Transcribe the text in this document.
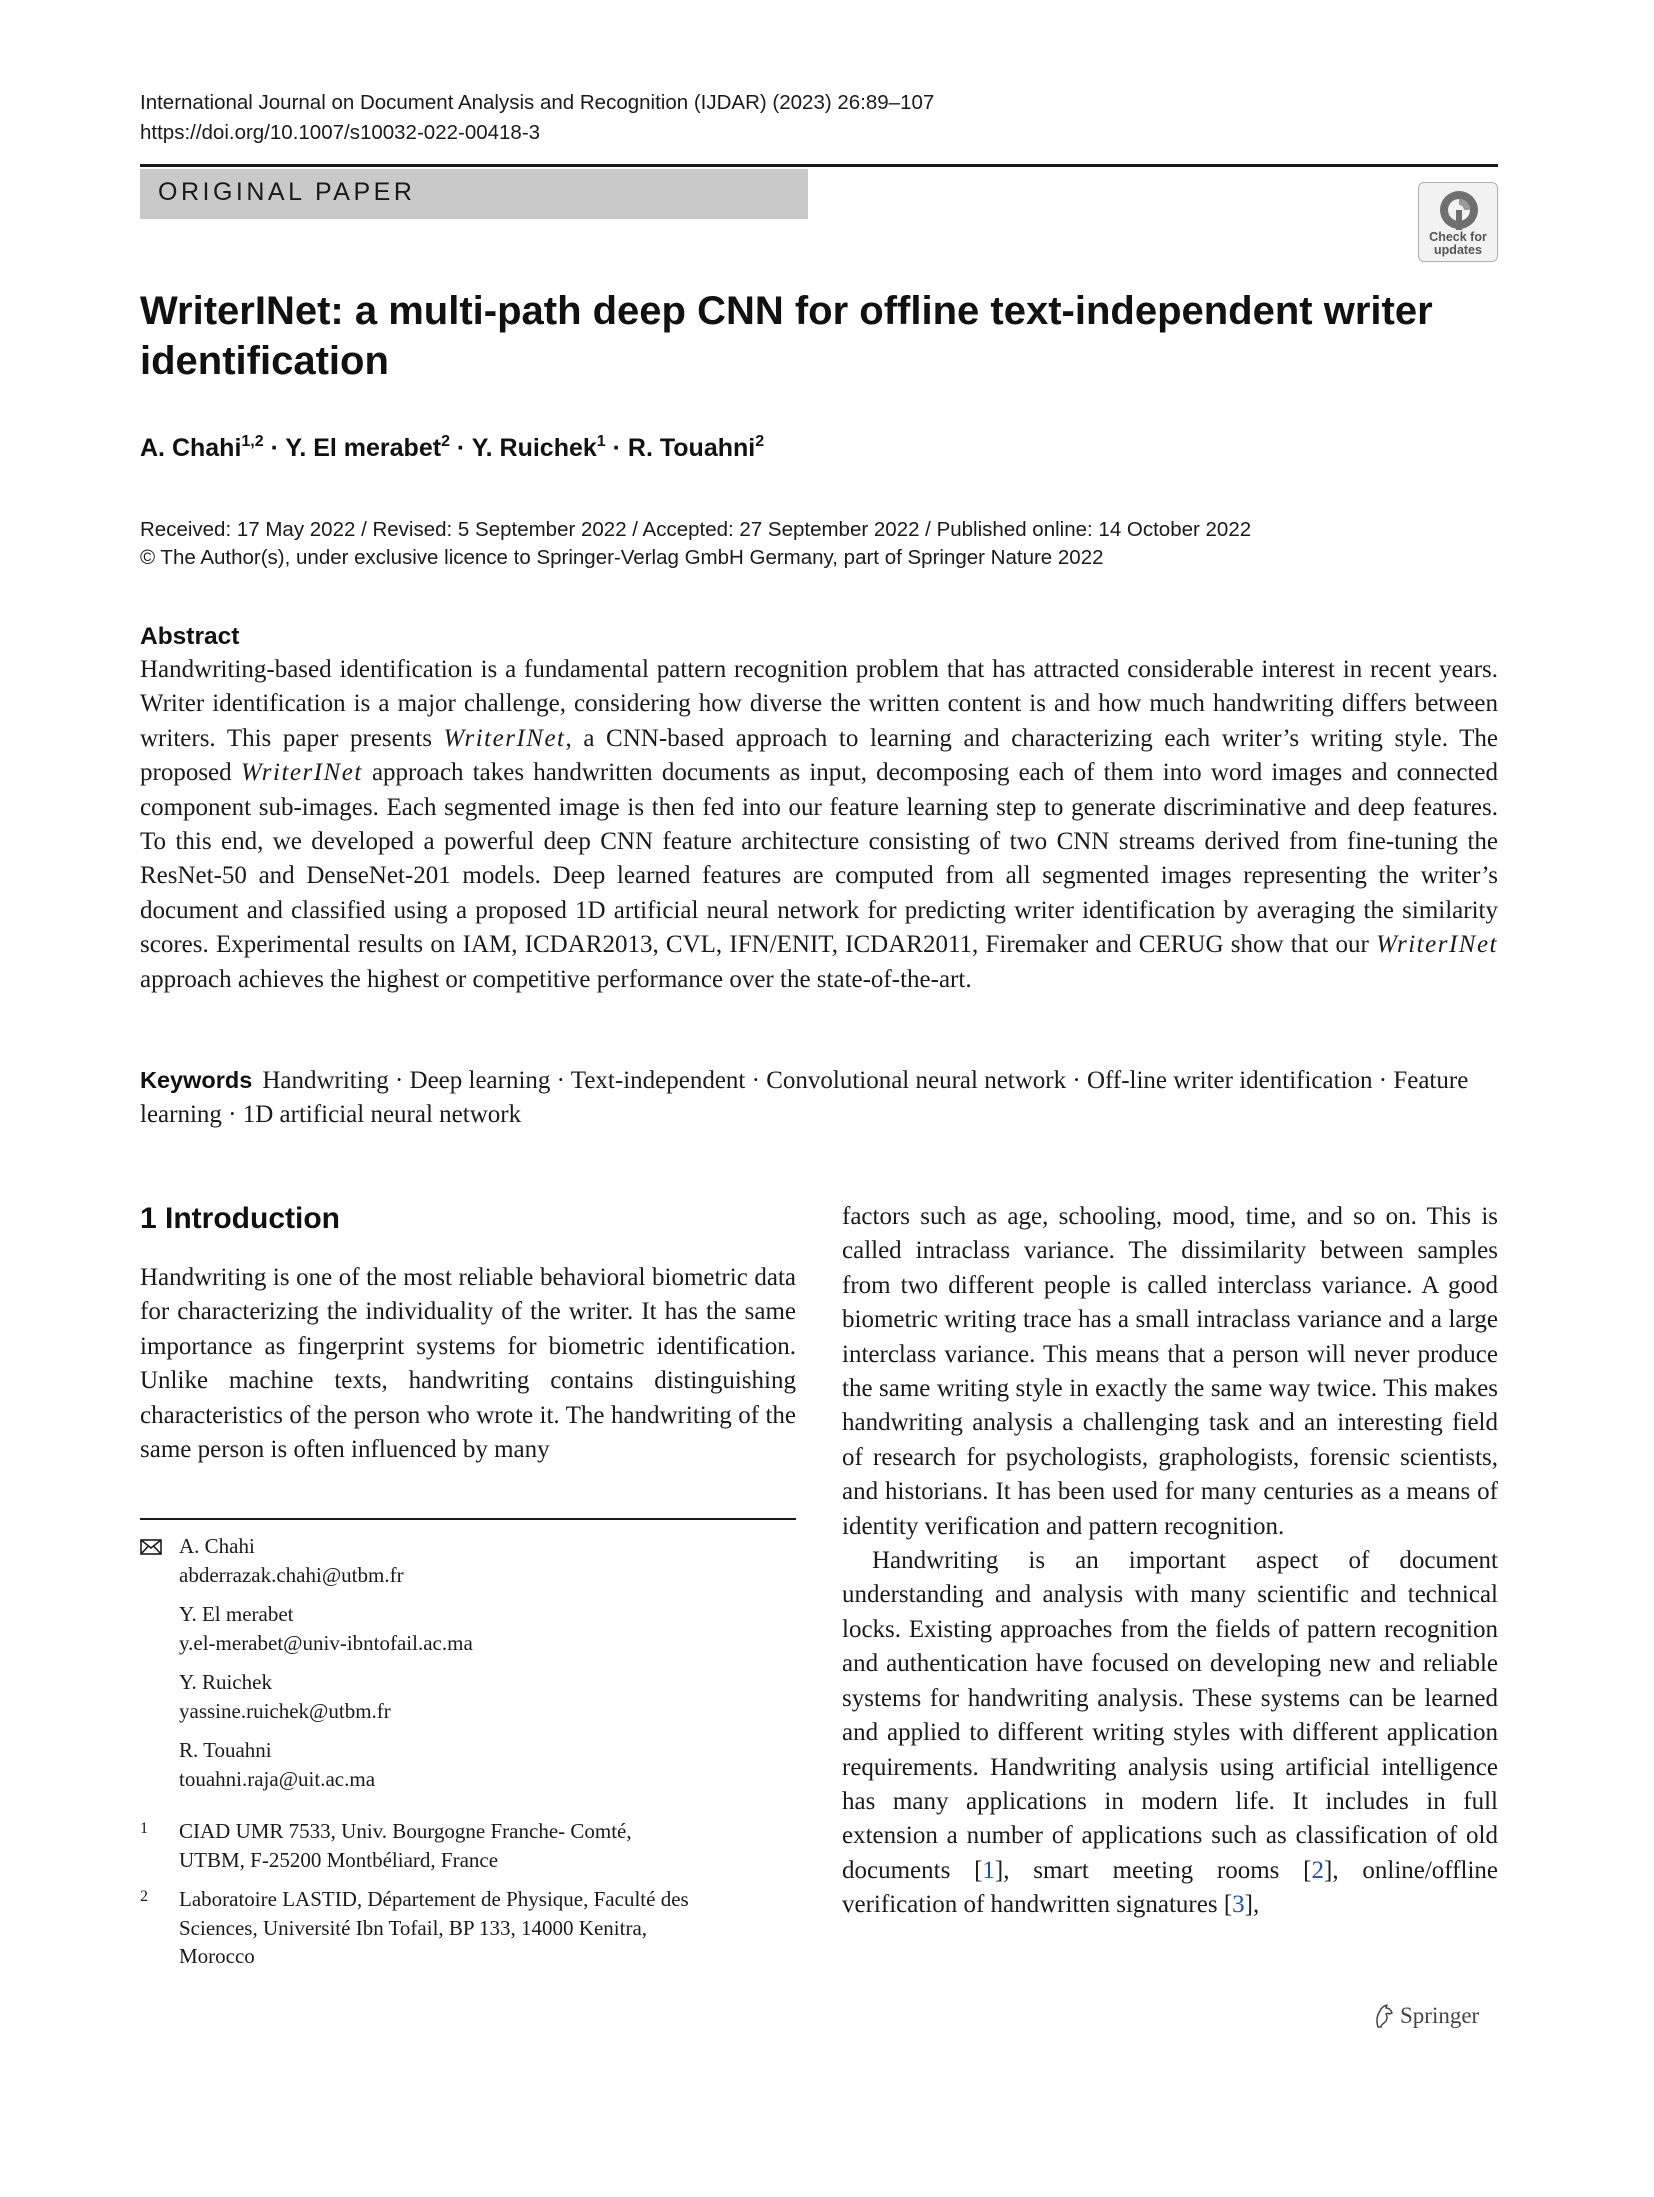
International Journal on Document Analysis and Recognition (IJDAR) (2023) 26:89–107
https://doi.org/10.1007/s10032-022-00418-3
ORIGINAL PAPER
Check for
updates
WriterINet: a multi-path deep CNN for offline text-independent writer
identification
A. Chahi$^{1,2}$ · Y. El merabet$^2$ · Y. Ruichek$^1$ · R. Touahni$^2$
Received: 17 May 2022 / Revised: 5 September 2022 / Accepted: 27 September 2022 / Published online: 14 October 2022
© The Author(s), under exclusive licence to Springer-Verlag GmbH Germany, part of Springer Nature 2022
Abstract
Handwriting-based identification is a fundamental pattern recognition problem that has attracted considerable interest in recent years. Writer identification is a major challenge, considering how diverse the written content is and how much handwriting differs between writers. This paper presents WriterINet, a CNN-based approach to learning and characterizing each writer’s writing style. The proposed WriterINet approach takes handwritten documents as input, decomposing each of them into word images and connected component sub-images. Each segmented image is then fed into our feature learning step to generate discriminative and deep features. To this end, we developed a powerful deep CNN feature architecture consisting of two CNN streams derived from fine-tuning the ResNet-50 and DenseNet-201 models. Deep learned features are computed from all segmented images representing the writer’s document and classified using a proposed 1D artificial neural network for predicting writer identification by averaging the similarity scores. Experimental results on IAM, ICDAR2013, CVL, IFN/ENIT, ICDAR2011, Firemaker and CERUG show that our WriterINet approach achieves the highest or competitive performance over the state-of-the-art.
Keywords Handwriting · Deep learning · Text-independent · Convolutional neural network · Off-line writer identification · Feature learning · 1D artificial neural network
1 Introduction
Handwriting is one of the most reliable behavioral biometric data for characterizing the individuality of the writer. It has the same importance as fingerprint systems for biometric identification. Unlike machine texts, handwriting contains distinguishing characteristics of the person who wrote it. The handwriting of the same person is often influenced by many

factors such as age, schooling, mood, time, and so on. This is called intraclass variance. The dissimilarity between samples from two different people is called interclass variance. A good biometric writing trace has a small intraclass variance and a large interclass variance. This means that a person will never produce the same writing style in exactly the same way twice. This makes handwriting analysis a challenging task and an interesting field of research for psychologists, graphologists, forensic scientists, and historians. It has been used for many centuries as a means of identity verification and pattern recognition.

Handwriting is an important aspect of document understanding and analysis with many scientific and technical locks. Existing approaches from the fields of pattern recognition and authentication have focused on developing new and reliable systems for handwriting analysis. These systems can be learned and applied to different writing styles with different application requirements. Handwriting analysis using artificial intelligence has many applications in modern life. It includes in full extension a number of applications such as classification of old documents [1], smart meeting rooms [2], online/offline verification of handwritten signatures [3],

A. Chahi
abderrazak.chahi@utbm.fr
Y. El merabet
y.el-merabet@univ-ibntofail.ac.ma
Y. Ruichek
yassine.ruichek@utbm.fr
R. Touahni
touahni.raja@uit.ac.ma
1 CIAD UMR 7533, Univ. Bourgogne Franche- Comté,
UTBM, F-25200 Montbéliard, France
2 Laboratoire LASTID, Département de Physique, Faculté des
Sciences, Université Ibn Tofail, BP 133, 14000 Kenitra,
Morocco
Springer
